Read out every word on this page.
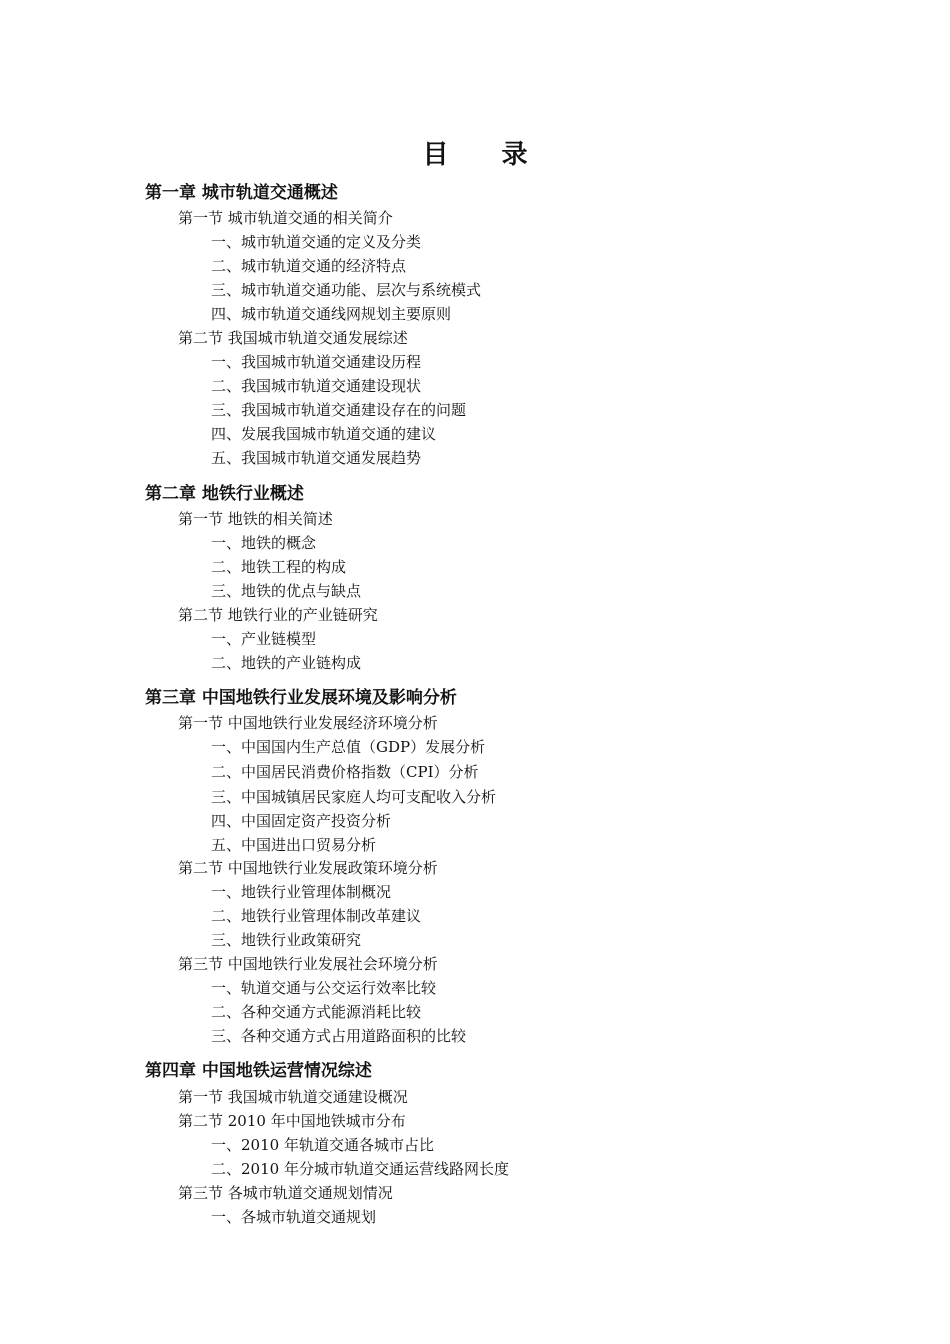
目 录
第一章 城市轨道交通概述
第一节 城市轨道交通的相关简介
一、城市轨道交通的定义及分类
二、城市轨道交通的经济特点
三、城市轨道交通功能、层次与系统模式
四、城市轨道交通线网规划主要原则
第二节 我国城市轨道交通发展综述
一、我国城市轨道交通建设历程
二、我国城市轨道交通建设现状
三、我国城市轨道交通建设存在的问题
四、发展我国城市轨道交通的建议
五、我国城市轨道交通发展趋势
第二章 地铁行业概述
第一节 地铁的相关简述
一、地铁的概念
二、地铁工程的构成
三、地铁的优点与缺点
第二节 地铁行业的产业链研究
一、产业链模型
二、地铁的产业链构成
第三章 中国地铁行业发展环境及影响分析
第一节 中国地铁行业发展经济环境分析
一、中国国内生产总值（GDP）发展分析
二、中国居民消费价格指数（CPI）分析
三、中国城镇居民家庭人均可支配收入分析
四、中国固定资产投资分析
五、中国进出口贸易分析
第二节 中国地铁行业发展政策环境分析
一、地铁行业管理体制概况
二、地铁行业管理体制改革建议
三、地铁行业政策研究
第三节 中国地铁行业发展社会环境分析
一、轨道交通与公交运行效率比较
二、各种交通方式能源消耗比较
三、各种交通方式占用道路面积的比较
第四章 中国地铁运营情况综述
第一节 我国城市轨道交通建设概况
第二节 2010 年中国地铁城市分布
一、2010 年轨道交通各城市占比
二、2010 年分城市轨道交通运营线路网长度
第三节 各城市轨道交通规划情况
一、各城市轨道交通规划
